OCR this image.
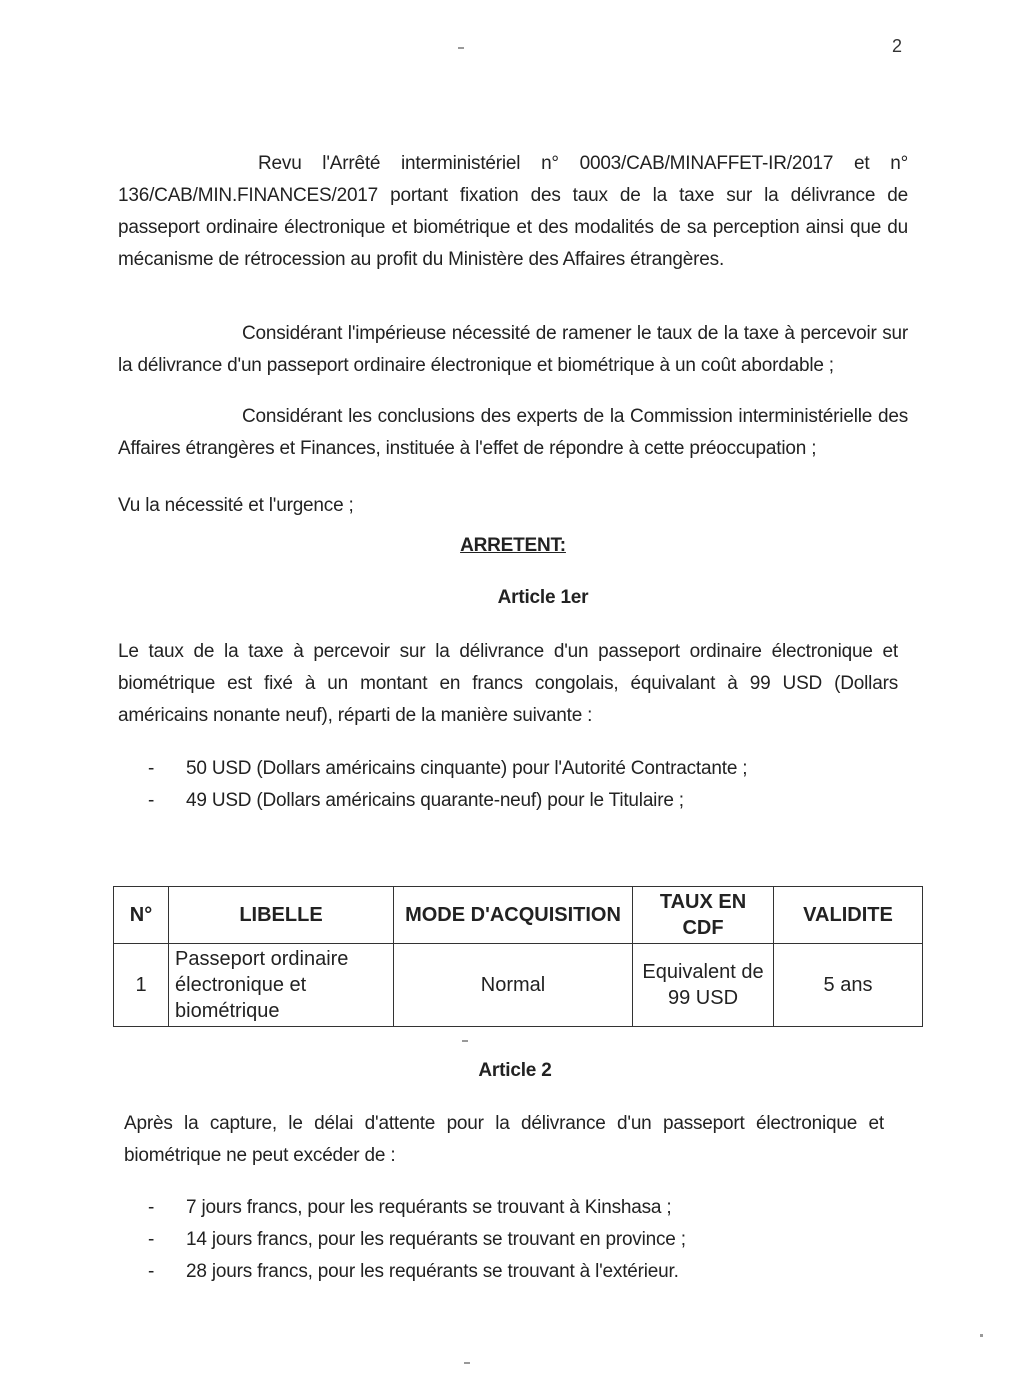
2
Revu l'Arrêté interministériel n° 0003/CAB/MINAFFET-IR/2017 et n° 136/CAB/MIN.FINANCES/2017 portant fixation des taux de la taxe sur la délivrance de passeport ordinaire électronique et biométrique et des modalités de sa perception ainsi que du mécanisme de rétrocession au profit du Ministère des Affaires étrangères.
Considérant l'impérieuse nécessité de ramener le taux de la taxe à percevoir sur la délivrance d'un passeport ordinaire électronique et biométrique à un coût abordable ;
Considérant les conclusions des experts de la Commission interministérielle des Affaires étrangères et Finances, instituée à l'effet de répondre à cette préoccupation ;
Vu la nécessité et l'urgence ;
ARRETENT:
Article 1er
Le taux de la taxe à percevoir sur la délivrance d'un passeport ordinaire électronique et biométrique est fixé à un montant en francs congolais, équivalant à 99 USD (Dollars américains nonante neuf), réparti de la manière suivante :
- 50 USD (Dollars américains cinquante) pour l'Autorité Contractante ;
- 49 USD (Dollars américains quarante-neuf) pour le Titulaire ;
N°	LIBELLE	MODE D'ACQUISITION	TAUX EN CDF	VALIDITE
1	Passeport ordinaire électronique et biométrique	Normal	Equivalent de 99 USD	5 ans
Article 2
Après la capture, le délai d'attente pour la délivrance d'un passeport électronique et biométrique ne peut excéder de :
- 7 jours francs, pour les requérants se trouvant à Kinshasa ;
- 14 jours francs, pour les requérants se trouvant en province ;
- 28 jours francs, pour les requérants se trouvant à l'extérieur.
